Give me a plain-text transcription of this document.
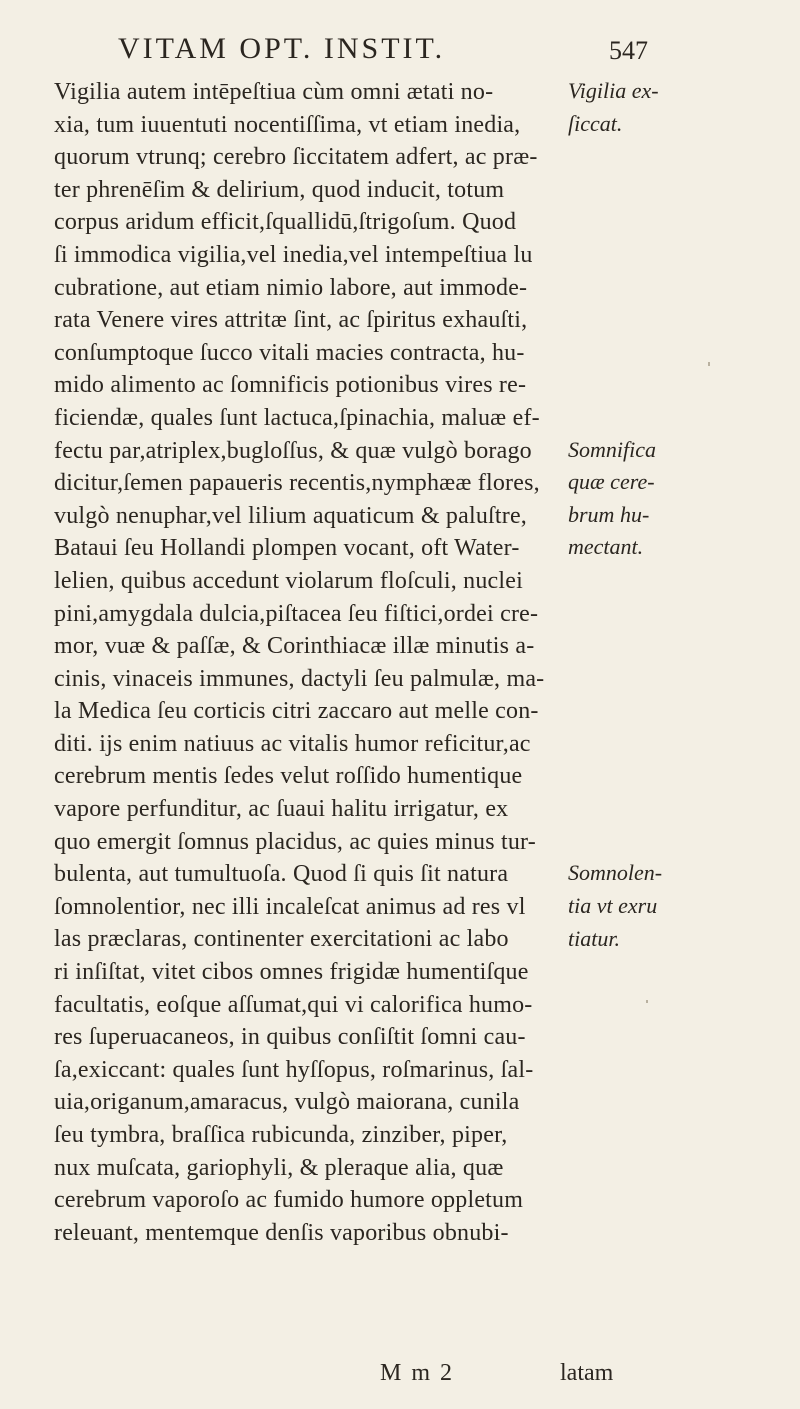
VITAM OPT. INSTIT.	547
Vigilia autem intēpeſtiua cùm omni ætati no-
xia, tum iuuentuti nocentiſſima, vt etiam inedia,
quorum vtrunq; cerebro ſiccitatem adfert, ac præ-
ter phrenēſim & delirium, quod inducit, totum
corpus aridum efficit,ſquallidū,ſtrigoſum. Quod
ſi immodica vigilia,vel inedia,vel intempeſtiua lu
cubratione, aut etiam nimio labore, aut immode-
rata Venere vires attritæ ſint, ac ſpiritus exhauſti,
conſumptoque ſucco vitali macies contracta, hu-
mido alimento ac ſomnificis potionibus vires re-
ficiendæ, quales ſunt lactuca,ſpinachia, maluæ ef-
fectu par,atriplex,bugloſſus, & quæ vulgò borago
dicitur,ſemen papaueris recentis,nymphææ flores,
vulgò nenuphar,vel lilium aquaticum & paluſtre,
Bataui ſeu Hollandi plompen vocant, oft Water-
lelien, quibus accedunt violarum floſculi, nuclei
pini,amygdala dulcia,piſtacea ſeu fiſtici,ordei cre-
mor, vuæ & paſſæ, & Corinthiacæ illæ minutis a-
cinis, vinaceis immunes, dactyli ſeu palmulæ, ma-
la Medica ſeu corticis citri zaccaro aut melle con-
diti. ijs enim natiuus ac vitalis humor reficitur,ac
cerebrum mentis ſedes velut roſſido humentique
vapore perfunditur, ac ſuaui halitu irrigatur, ex
quo emergit ſomnus placidus, ac quies minus tur-
bulenta, aut tumultuoſa. Quod ſi quis ſit natura
ſomnolentior, nec illi incaleſcat animus ad res vl
las præclaras, continenter exercitationi ac labo
ri inſiſtat, vitet cibos omnes frigidæ humentiſque
facultatis, eoſque aſſumat,qui vi calorifica humo-
res ſuperuacaneos, in quibus conſiſtit ſomni cau-
ſa,exiccant: quales ſunt hyſſopus, roſmarinus, ſal-
uia,origanum,amaracus, vulgò maiorana, cunila
ſeu tymbra, braſſica rubicunda, zinziber, piper,
nux muſcata, gariophyli, & pleraque alia, quæ
cerebrum vaporoſo ac fumido humore oppletum
releuant, mentemque denſis vaporibus obnubi-
Vigilia ex-
ſiccat.
Somnifica
quæ cere-
brum hu-
mectant.
Somnolen-
tia vt exru
tiatur.
M m 2	latam
